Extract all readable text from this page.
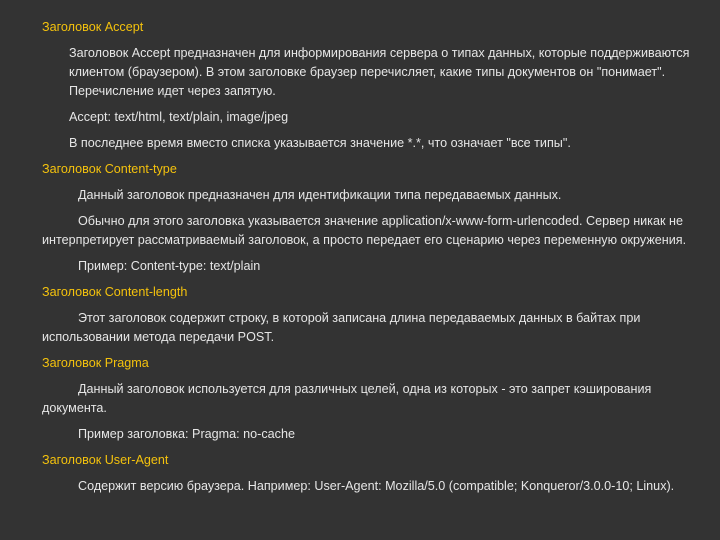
Заголовок Accept
Заголовок Accept предназначен для информирования сервера о типах данных, которые поддерживаются клиентом (браузером). В этом заголовке браузер перечисляет, какие типы документов он "понимает". Перечисление идет через запятую.
Accept: text/html, text/plain, image/jpeg
В последнее время вместо списка указывается значение *.*, что означает "все типы".
Заголовок Content-type
Данный заголовок предназначен для идентификации типа передаваемых данных.
Обычно для этого заголовка указывается значение application/x-www-form-urlencoded. Сервер никак не интерпретирует рассматриваемый заголовок, а просто передает его сценарию через переменную окружения.
Пример: Content-type: text/plain
Заголовок Content-length
Этот заголовок содержит строку, в которой записана длина передаваемых данных в байтах при использовании метода передачи POST.
Заголовок Pragma
Данный заголовок используется для различных целей, одна из которых - это запрет кэширования документа.
Пример заголовка: Pragma: no-cache
Заголовок User-Agent
Содержит версию браузера. Например: User-Agent: Mozilla/5.0 (compatible; Konqueror/3.0.0-10; Linux).
